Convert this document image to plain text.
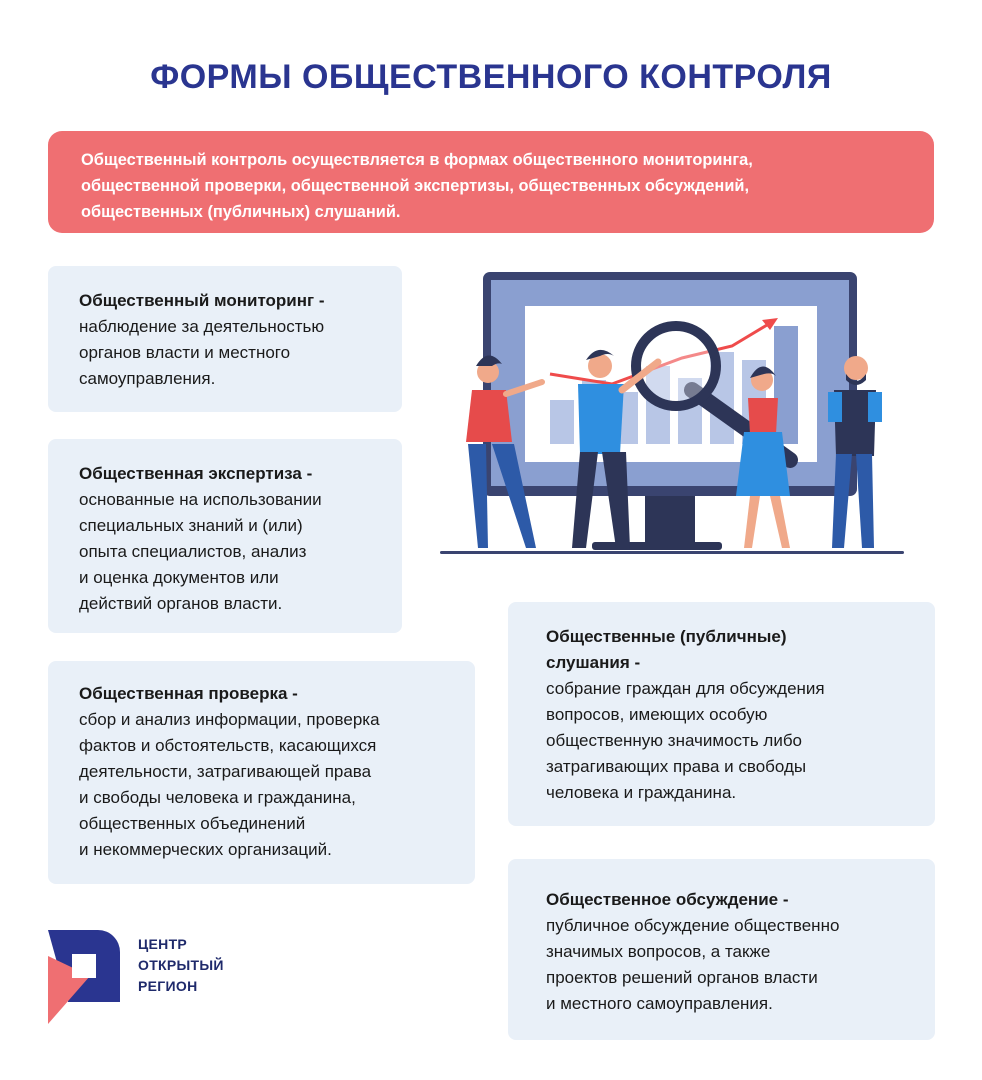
ФОРМЫ ОБЩЕСТВЕННОГО КОНТРОЛЯ
Общественный контроль осуществляется в формах общественного мониторинга,
общественной проверки, общественной экспертизы, общественных обсуждений,
общественных (публичных) слушаний.
Общественный мониторинг -
наблюдение за деятельностью
органов власти и местного
самоуправления.
Общественная экспертиза -
основанные на использовании
специальных знаний и (или)
опыта специалистов, анализ
и оценка документов или
действий органов власти.
Общественная проверка -
сбор и анализ информации, проверка
фактов и обстоятельств, касающихся
деятельности, затрагивающей права
и свободы человека и гражданина,
общественных объединений
и некоммерческих организаций.
Общественные (публичные)
слушания -
собрание граждан для обсуждения
вопросов, имеющих особую
общественную значимость либо
затрагивающих права и свободы
человека и гражданина.
Общественное обсуждение -
публичное обсуждение общественно
значимых вопросов, а также
проектов решений органов власти
и местного самоуправления.
ЦЕНТР
ОТКРЫТЫЙ
РЕГИОН
